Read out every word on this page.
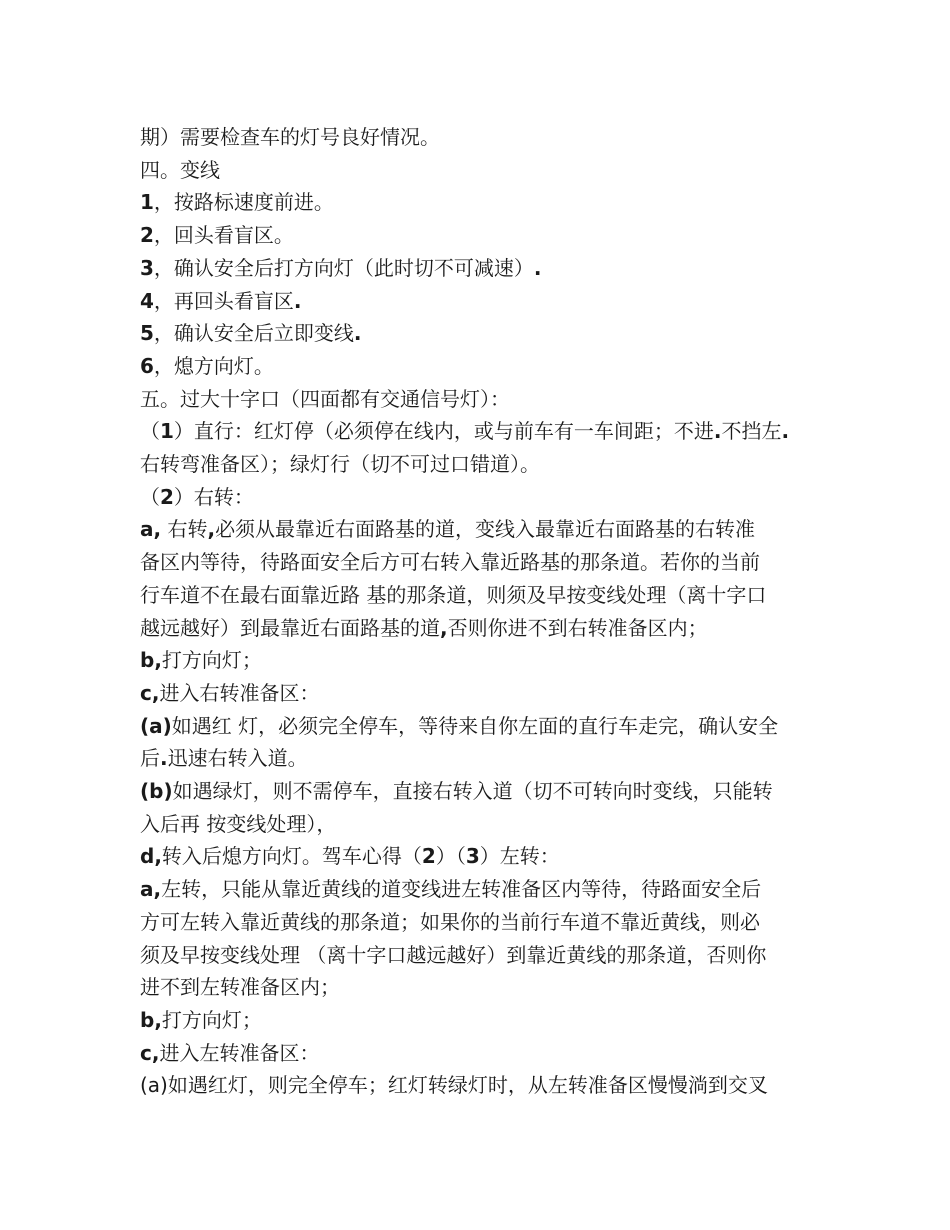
期）需要检查车的灯号良好情况。
四。变线
1，按路标速度前进。
2，回头看盲区。
3，确认安全后打方向灯（此时切不可减速）.
4，再回头看盲区.
5，确认安全后立即变线.
6，熄方向灯。
五。过大十字口（四面都有交通信号灯）：
（1）直行：红灯停（必须停在线内，或与前车有一车间距；不进.不挡左.
右转弯准备区）；绿灯行（切不可过口错道）。
（2）右转：
a, 右转,必须从最靠近右面路基的道，变线入最靠近右面路基的右转准
备区内等待，待路面安全后方可右转入靠近路基的那条道。若你的当前
行车道不在最右面靠近路 基的那条道，则须及早按变线处理（离十字口
越远越好）到最靠近右面路基的道,否则你进不到右转准备区内；
b,打方向灯；
c,进入右转准备区：
(a)如遇红 灯，必须完全停车，等待来自你左面的直行车走完，确认安全
后.迅速右转入道。
(b)如遇绿灯，则不需停车，直接右转入道（切不可转向时变线，只能转
入后再 按变线处理），
d,转入后熄方向灯。驾车心得（2）（3）左转：
a,左转，只能从靠近黄线的道变线进左转准备区内等待，待路面安全后
方可左转入靠近黄线的那条道；如果你的当前行车道不靠近黄线，则必
须及早按变线处理 （离十字口越远越好）到靠近黄线的那条道，否则你
进不到左转准备区内；
b,打方向灯；
c,进入左转准备区：
(a)如遇红灯，则完全停车；红灯转绿灯时，从左转准备区慢慢淌到交叉
